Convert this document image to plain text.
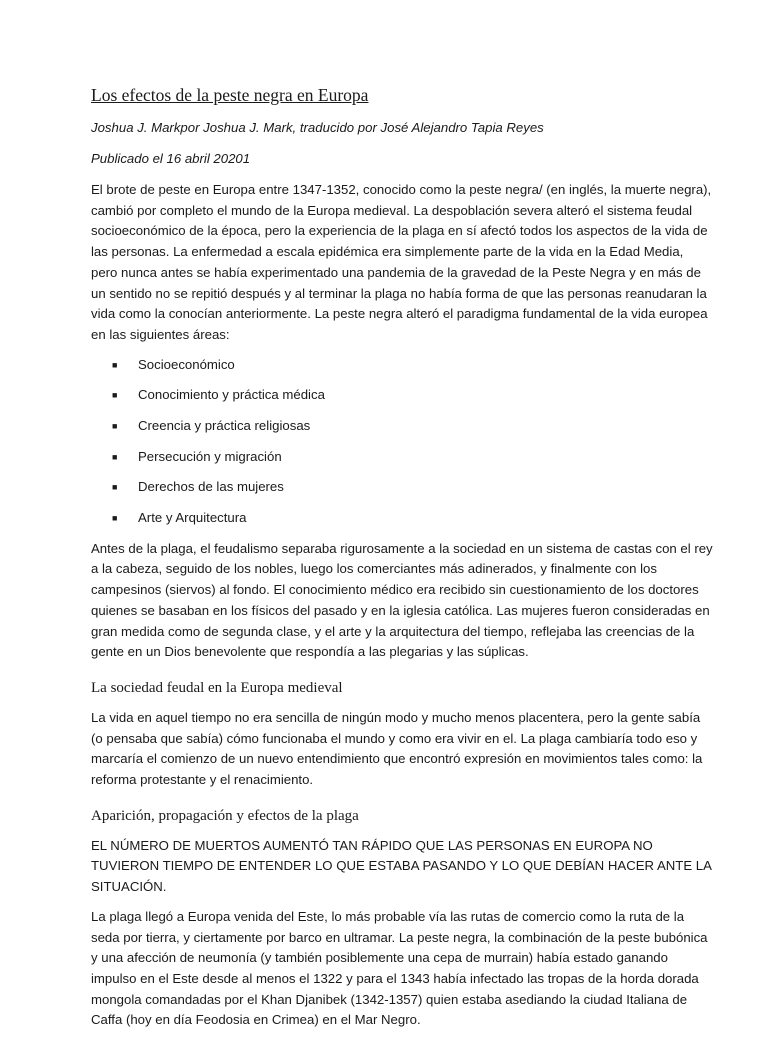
Los efectos de la peste negra en Europa

Joshua J. Markpor Joshua J. Mark, traducido por José Alejandro Tapia Reyes

Publicado el 16 abril 20201

El brote de peste en Europa entre 1347-1352, conocido como la peste negra/ (en inglés, la muerte negra), cambió por completo el mundo de la Europa medieval. La despoblación severa alteró el sistema feudal socioeconómico de la época, pero la experiencia de la plaga en sí afectó todos los aspectos de la vida de las personas. La enfermedad a escala epidémica era simplemente parte de la vida en la Edad Media, pero nunca antes se había experimentado una pandemia de la gravedad de la Peste Negra y en más de un sentido no se repitió después y al terminar la plaga no había forma de que las personas reanudaran la vida como la conocían anteriormente. La peste negra alteró el paradigma fundamental de la vida europea en las siguientes áreas:

■ Socioeconómico
■ Conocimiento y práctica médica
■ Creencia y práctica religiosas
■ Persecución y migración
■ Derechos de las mujeres
■ Arte y Arquitectura

Antes de la plaga, el feudalismo separaba rigurosamente a la sociedad en un sistema de castas con el rey a la cabeza, seguido de los nobles, luego los comerciantes más adinerados, y finalmente con los campesinos (siervos) al fondo. El conocimiento médico era recibido sin cuestionamiento de los doctores quienes se basaban en los físicos del pasado y en la iglesia católica. Las mujeres fueron consideradas en gran medida como de segunda clase, y el arte y la arquitectura del tiempo, reflejaba las creencias de la gente en un Dios benevolente que respondía a las plegarias y las súplicas.

La sociedad feudal en la Europa medieval

La vida en aquel tiempo no era sencilla de ningún modo y mucho menos placentera, pero la gente sabía (o pensaba que sabía) cómo funcionaba el mundo y como era vivir en el. La plaga cambiaría todo eso y marcaría el comienzo de un nuevo entendimiento que encontró expresión en movimientos tales como: la reforma protestante y el renacimiento.

Aparición, propagación y efectos de la plaga

EL NÚMERO DE MUERTOS AUMENTÓ TAN RÁPIDO QUE LAS PERSONAS EN EUROPA NO TUVIERON TIEMPO DE ENTENDER LO QUE ESTABA PASANDO Y LO QUE DEBÍAN HACER ANTE LA SITUACIÓN.

La plaga llegó a Europa venida del Este, lo más probable vía las rutas de comercio como la ruta de la seda por tierra, y ciertamente por barco en ultramar. La peste negra, la combinación de la peste bubónica y una afección de neumonía (y también posiblemente una cepa de murrain) había estado ganando impulso en el Este desde al menos el 1322 y para el 1343 había infectado las tropas de la horda dorada mongola comandadas por el Khan Djanibek (1342-1357) quien estaba asediando la ciudad Italiana de Caffa (hoy en día Feodosia en Crimea) en el Mar Negro.
